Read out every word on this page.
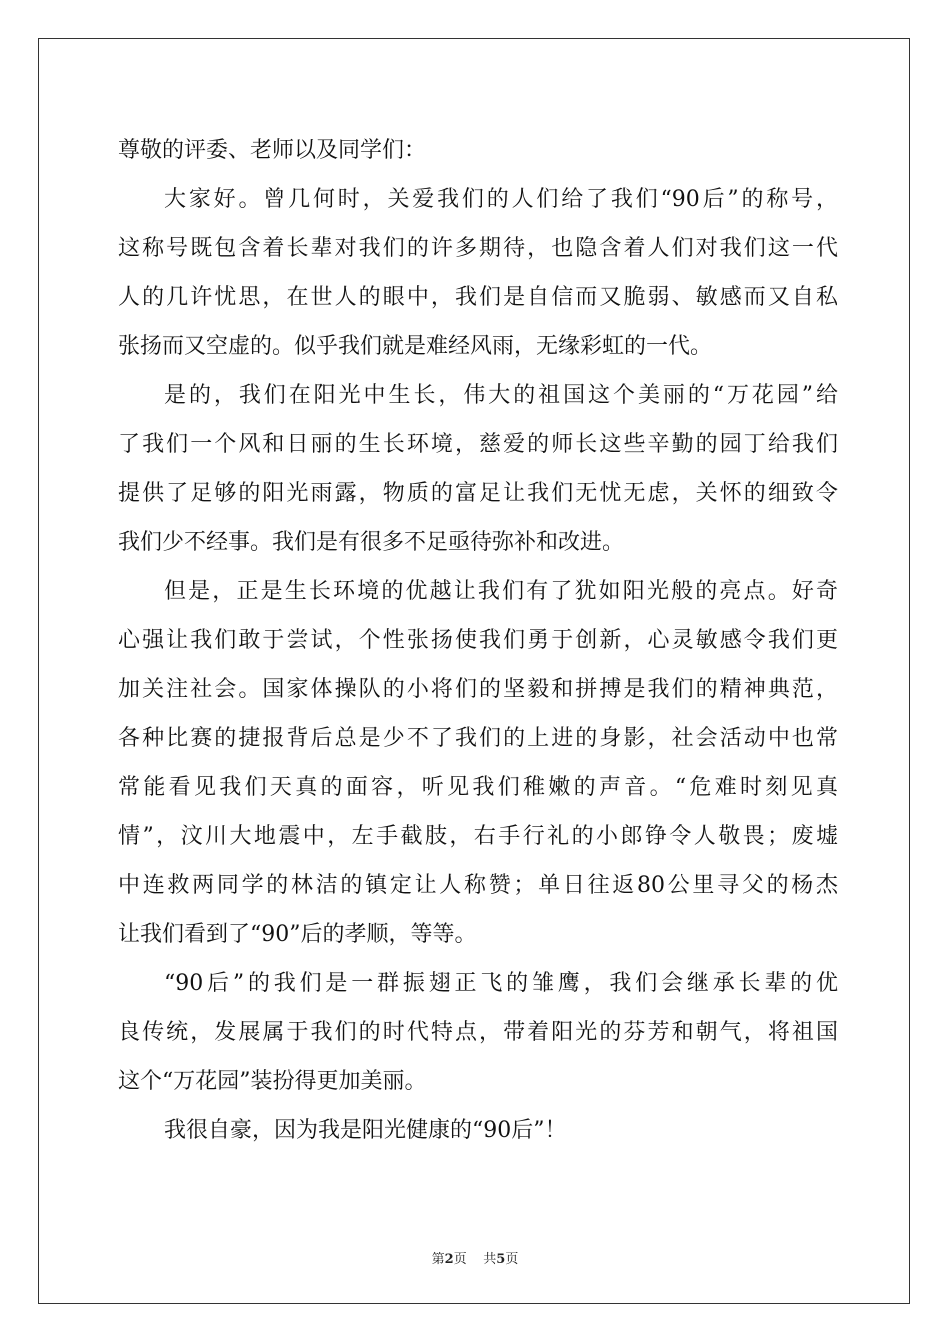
尊敬的评委、老师以及同学们：
大家好。曾几何时，关爱我们的人们给了我们“90后”的称号，
这称号既包含着长辈对我们的许多期待，也隐含着人们对我们这一代
人的几许忧思，在世人的眼中，我们是自信而又脆弱、敏感而又自私
张扬而又空虚的。似乎我们就是难经风雨，无缘彩虹的一代。
是的，我们在阳光中生长，伟大的祖国这个美丽的“万花园”给
了我们一个风和日丽的生长环境，慈爱的师长这些辛勤的园丁给我们
提供了足够的阳光雨露，物质的富足让我们无忧无虑，关怀的细致令
我们少不经事。我们是有很多不足亟待弥补和改进。
但是，正是生长环境的优越让我们有了犹如阳光般的亮点。好奇
心强让我们敢于尝试，个性张扬使我们勇于创新，心灵敏感令我们更
加关注社会。国家体操队的小将们的坚毅和拼搏是我们的精神典范，
各种比赛的捷报背后总是少不了我们的上进的身影，社会活动中也常
常能看见我们天真的面容，听见我们稚嫩的声音。“危难时刻见真
情”，汶川大地震中，左手截肢，右手行礼的小郎铮令人敬畏；废墟
中连救两同学的林洁的镇定让人称赞；单日往返80公里寻父的杨杰
让我们看到了“90”后的孝顺，等等。
“90后”的我们是一群振翅正飞的雏鹰，我们会继承长辈的优
良传统，发展属于我们的时代特点，带着阳光的芬芳和朝气，将祖国
这个“万花园”装扮得更加美丽。
我很自豪，因为我是阳光健康的“90后”！
第2页 共5页
